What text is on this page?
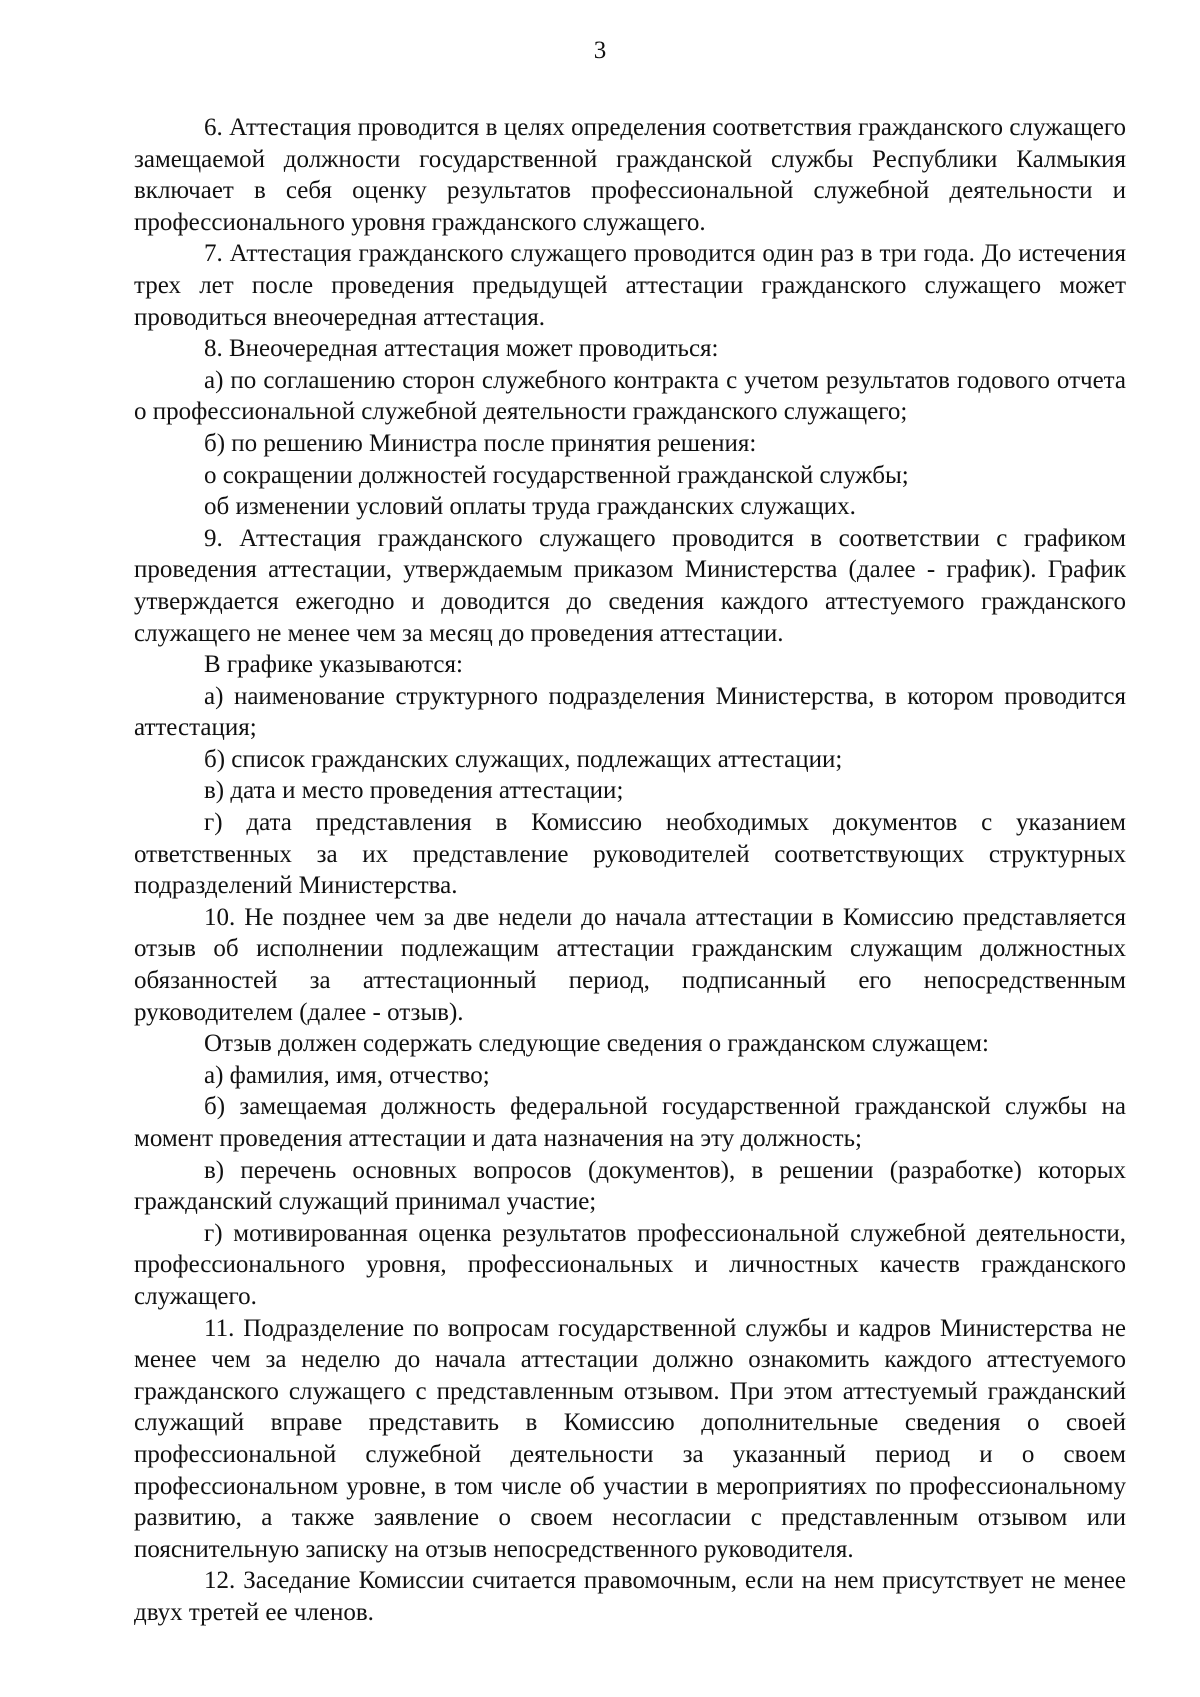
3

6. Аттестация проводится в целях определения соответствия гражданского служащего замещаемой должности государственной гражданской службы Республики Калмыкия включает в себя оценку результатов профессиональной служебной деятельности и профессионального уровня гражданского служащего.

7. Аттестация гражданского служащего проводится один раз в три года. До истечения трех лет после проведения предыдущей аттестации гражданского служащего может проводиться внеочередная аттестация.

8. Внеочередная аттестация может проводиться:

а) по соглашению сторон служебного контракта с учетом результатов годового отчета о профессиональной служебной деятельности гражданского служащего;

б) по решению Министра после принятия решения:

о сокращении должностей государственной гражданской службы;

об изменении условий оплаты труда гражданских служащих.

9. Аттестация гражданского служащего проводится в соответствии с графиком проведения аттестации, утверждаемым приказом Министерства (далее - график). График утверждается ежегодно и доводится до сведения каждого аттестуемого гражданского служащего не менее чем за месяц до проведения аттестации.

В графике указываются:

а) наименование структурного подразделения Министерства, в котором проводится аттестация;

б) список гражданских служащих, подлежащих аттестации;

в) дата и место проведения аттестации;

г) дата представления в Комиссию необходимых документов с указанием ответственных за их представление руководителей соответствующих структурных подразделений Министерства.

10. Не позднее чем за две недели до начала аттестации в Комиссию представляется отзыв об исполнении подлежащим аттестации гражданским служащим должностных обязанностей за аттестационный период, подписанный его непосредственным руководителем (далее - отзыв).

Отзыв должен содержать следующие сведения о гражданском служащем:

а) фамилия, имя, отчество;

б) замещаемая должность федеральной государственной гражданской службы на момент проведения аттестации и дата назначения на эту должность;

в) перечень основных вопросов (документов), в решении (разработке) которых гражданский служащий принимал участие;

г) мотивированная оценка результатов профессиональной служебной деятельности, профессионального уровня, профессиональных и личностных качеств гражданского служащего.

11. Подразделение по вопросам государственной службы и кадров Министерства не менее чем за неделю до начала аттестации должно ознакомить каждого аттестуемого гражданского служащего с представленным отзывом. При этом аттестуемый гражданский служащий вправе представить в Комиссию дополнительные сведения о своей профессиональной служебной деятельности за указанный период и о своем профессиональном уровне, в том числе об участии в мероприятиях по профессиональному развитию, а также заявление о своем несогласии с представленным отзывом или пояснительную записку на отзыв непосредственного руководителя.

12. Заседание Комиссии считается правомочным, если на нем присутствует не менее двух третей ее членов.
